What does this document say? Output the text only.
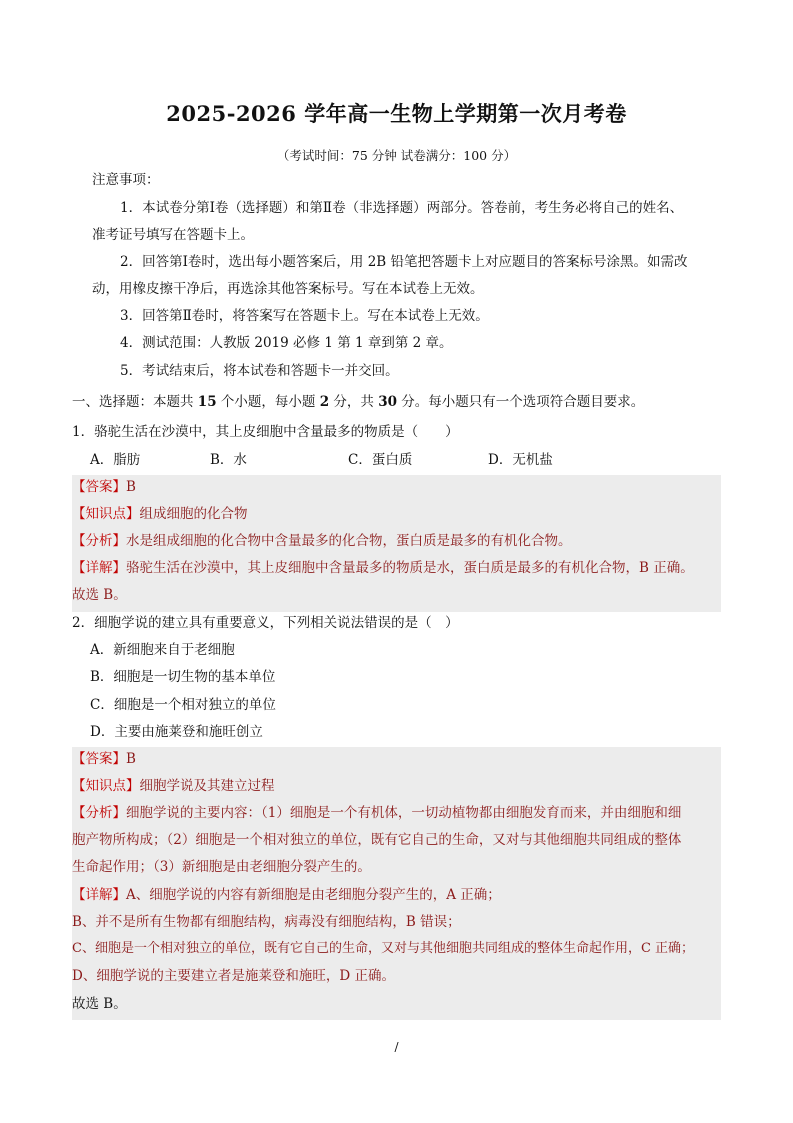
2025-2026 学年高一生物上学期第一次月考卷
（考试时间：75 分钟 试卷满分：100 分）
注意事项：
1．本试卷分第Ⅰ卷（选择题）和第Ⅱ卷（非选择题）两部分。答卷前，考生务必将自己的姓名、
准考证号填写在答题卡上。
2．回答第Ⅰ卷时，选出每小题答案后，用 2B 铅笔把答题卡上对应题目的答案标号涂黑。如需改
动，用橡皮擦干净后，再选涂其他答案标号。写在本试卷上无效。
3．回答第Ⅱ卷时，将答案写在答题卡上。写在本试卷上无效。
4．测试范围：人教版 2019 必修 1 第 1 章到第 2 章。
5．考试结束后，将本试卷和答题卡一并交回。
一、选择题：本题共 15 个小题，每小题 2 分，共 30 分。每小题只有一个选项符合题目要求。
1．骆驼生活在沙漠中，其上皮细胞中含量最多的物质是（　　）
A．脂肪	B．水	C．蛋白质	D．无机盐
【答案】B
【知识点】组成细胞的化合物
【分析】水是组成细胞的化合物中含量最多的化合物，蛋白质是最多的有机化合物。
【详解】骆驼生活在沙漠中，其上皮细胞中含量最多的物质是水，蛋白质是最多的有机化合物，B 正确。
故选 B。
2．细胞学说的建立具有重要意义，下列相关说法错误的是（　）
A．新细胞来自于老细胞
B．细胞是一切生物的基本单位
C．细胞是一个相对独立的单位
D．主要由施莱登和施旺创立
【答案】B
【知识点】细胞学说及其建立过程
【分析】细胞学说的主要内容：（1）细胞是一个有机体，一切动植物都由细胞发育而来，并由细胞和细
胞产物所构成；（2）细胞是一个相对独立的单位，既有它自己的生命，又对与其他细胞共同组成的整体
生命起作用；（3）新细胞是由老细胞分裂产生的。
【详解】A、细胞学说的内容有新细胞是由老细胞分裂产生的，A 正确；
B、并不是所有生物都有细胞结构，病毒没有细胞结构，B 错误；
C、细胞是一个相对独立的单位，既有它自己的生命，又对与其他细胞共同组成的整体生命起作用，C 正确；
D、细胞学说的主要建立者是施莱登和施旺，D 正确。
故选 B。
/
